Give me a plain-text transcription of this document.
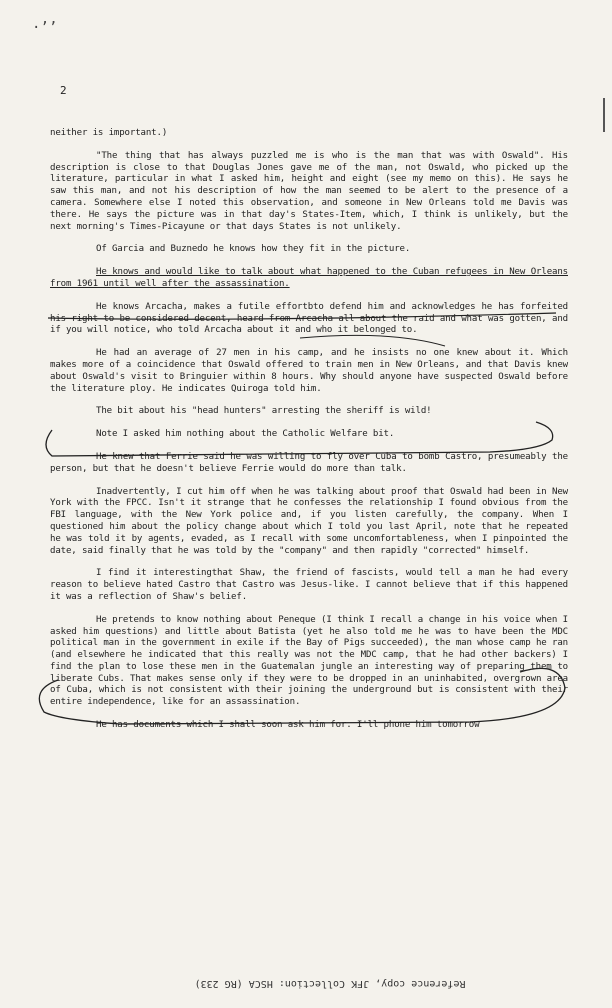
·’’
2

neither is important.)

"The thing that has always puzzled me is who is the man that was with Oswald". His description is close to that Douglas Jones gave me of the man, not Oswald, who picked up the literature, particular in what I asked him, height and eight (see my memo on this). He says he saw this man, and not his description of how the man seemed to be alert to the presence of a camera. Somewhere else I noted this observation, and someone in New Orleans told me Davis was there. He says the picture was in that day's States-Item, which, I think is unlikely, but the next morning's Times-Picayune or that days States is not unlikely.

Of Garcia and Buznedo he knows how they fit in the picture.

He knows and would like to talk about what happened to the Cuban refugees in New Orleans from 1961 until well after the assassination.

He knows Arcacha, makes a futile effortbto defend him and acknowledges he has forfeited his right to be considered decent, heard from Arcacha all about the raid and what was gotten, and if you will notice, who told Arcacha about it and who it belonged to.

He had an average of 27 men in his camp, and he insists no one knew about it. Which makes more of a coincidence that Oswald offered to train men in New Orleans, and that Davis knew about Oswald's visit to Bringuier within 8 hours. Why should anyone have suspected Oswald before the literature ploy. He indicates Quiroga told him.

The bit about his "head hunters" arresting the sheriff is wild!

Note I asked him nothing about the Catholic Welfare bit.

He knew that Ferrie said he was willing to fly over Cuba to bomb Castro, presumeably the person, but that he doesn't believe Ferrie would do more than talk.

Inadvertently, I cut him off when he was talking about proof that Oswald had been in New York with the FPCC. Isn't it strange that he confesses the relationship I found obvious from the FBI language, with the New York police and, if you listen carefully, the company. When I questioned him about the policy change about which I told you last April, note that he repeated he was told it by agents, evaded, as I recall with some uncomfortableness, when I pinpointed the date, said finally that he was told by the "company" and then rapidly "corrected" himself.

I find it interestingthat Shaw, the friend of fascists, would tell a man he had every reason to believe hated Castro that Castro was Jesus-like. I cannot believe that if this happened it was a reflection of Shaw's belief.

He pretends to know nothing about Peneque (I think I recall a change in his voice when I asked him questions) and little about Batista (yet he also told me he was to have been the MDC political man in the government in exile if the Bay of Pigs succeeded), the man whose camp he ran (and elsewhere he indicated that this really was not the MDC camp, that he had other backers) I find the plan to lose these men in the Guatemalan jungle an interesting way of preparing them to liberate Cubs. That makes sense only if they were to be dropped in an uninhabited, overgrown area of Cuba, which is not consistent with their joining the underground but is consistent with their entire independence, like for an assassination.

He has documents which I shall soon ask him for. I'll phone him tomorrow

Reference copy, JFK Collection: HSCA (RG 233)
